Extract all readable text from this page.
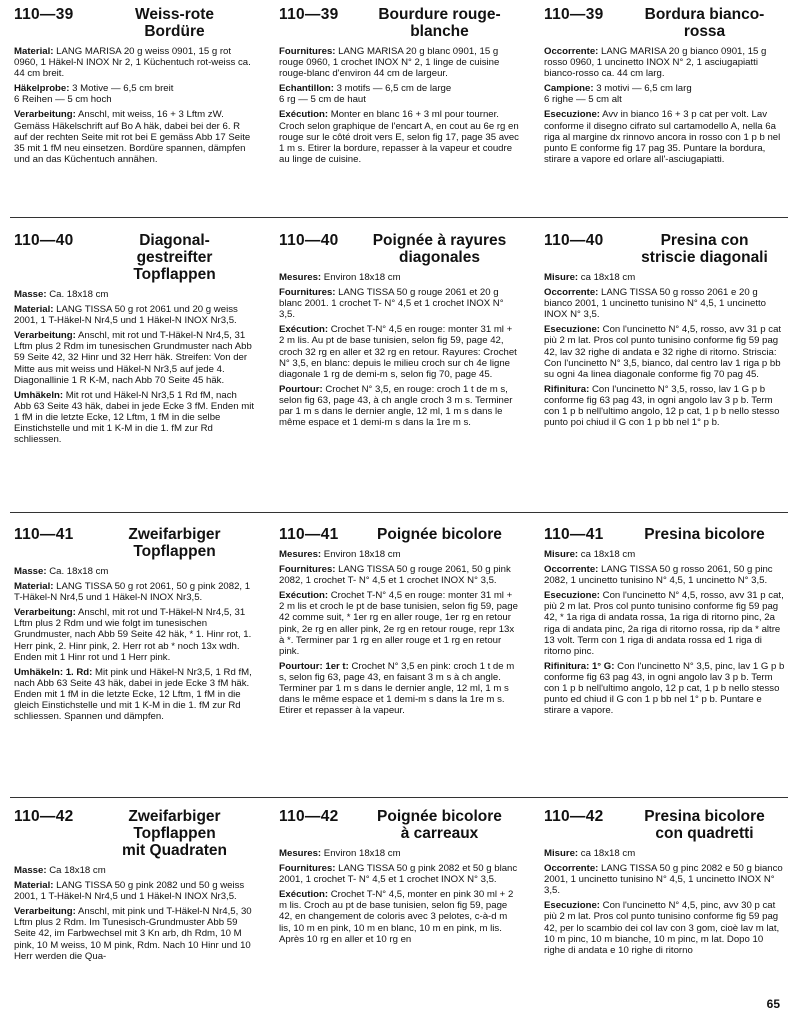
110—39	Weiss-rote
Bordüre
Material: LANG MARISA 20 g weiss 0901, 15 g rot 0960, 1 Häkel-N INOX Nr 2, 1 Küchentuch rot-weiss ca. 44 cm breit.
Häkelprobe: 3 Motive — 6,5 cm breit
6 Reihen — 5 cm hoch
Verarbeitung: Anschl, mit weiss, 16 + 3 Lftm zW. Gemäss Häkelschrift auf Bo A häk, dabei bei der 6. R auf der rechten Seite mit rot bei E gemäss Abb 17 Seite 35 mit 1 fM neu einsetzen. Bordüre spannen, dämpfen und an das Küchentuch annähen.
110—39	Bourdure rouge-
blanche
Fournitures: LANG MARISA 20 g blanc 0901, 15 g rouge 0960, 1 crochet INOX N° 2, 1 linge de cuisine rouge-blanc d'environ 44 cm de largeur.
Echantillon: 3 motifs — 6,5 cm de large
6 rg — 5 cm de haut
Exécution: Monter en blanc 16 + 3 ml pour tourner. Croch selon graphique de l'encart A, en cout au 6e rg en rouge sur le côté droit vers E, selon fig 17, page 35 avec 1 m s. Etirer la bordure, repasser à la vapeur et coudre au linge de cuisine.
110—39	Bordura bianco-
rossa
Occorrente: LANG MARISA 20 g bianco 0901, 15 g rosso 0960, 1 uncinetto INOX N° 2, 1 asciugapiatti bianco-rosso ca. 44 cm larg.
Campione: 3 motivi — 6,5 cm larg
6 righe — 5 cm alt
Esecuzione: Avv in bianco 16 + 3 p cat per volt. Lav conforme il disegno cifrato sul cartamodello A, nella 6a riga al margine dx rinnovo ancora in rosso con 1 p b nel punto E conforme fig 17 pag 35. Puntare la bordura, stirare a vapore ed orlare all'-asciugapiatti.
110—40	Diagonal-
gestreifter
Topflappen
Masse: Ca. 18x18 cm
Material: LANG TISSA 50 g rot 2061 und 20 g weiss 2001, 1 T-Häkel-N Nr4,5 und 1 Häkel-N INOX Nr3,5.
Verarbeitung: Anschl, mit rot und T-Häkel-N Nr4,5, 31 Lftm plus 2 Rdm im tunesischen Grundmuster nach Abb 59 Seite 42, 32 Hinr und 32 Herr häk. Streifen: Von der Mitte aus mit weiss und Häkel-N Nr3,5 auf jede 4. Diagonallinie 1 R K-M, nach Abb 70 Seite 45 häk.
Umhäkeln: Mit rot und Häkel-N Nr3,5 1 Rd fM, nach Abb 63 Seite 43 häk, dabei in jede Ecke 3 fM. Enden mit 1 fM in die letzte Ecke, 12 Lftm, 1 fM in die selbe Einstichstelle und mit 1 K-M in die 1. fM zur Rd schliessen.
110—40	Poignée à rayures
diagonales
Mesures: Environ 18x18 cm
Fournitures: LANG TISSA 50 g rouge 2061 et 20 g blanc 2001. 1 crochet T- N° 4,5 et 1 crochet INOX N° 3,5.
Exécution: Crochet T-N° 4,5 en rouge: monter 31 ml + 2 m lis. Au pt de base tunisien, selon fig 59, page 42, croch 32 rg en aller et 32 rg en retour. Rayures: Crochet N° 3,5, en blanc: depuis le milieu croch sur ch 4e ligne diagonale 1 rg de demi-m s, selon fig 70, page 45.
Pourtour: Crochet N° 3,5, en rouge: croch 1 t de m s, selon fig 63, page 43, à ch angle croch 3 m s. Terminer par 1 m s dans le dernier angle, 12 ml, 1 m s dans le même espace et 1 demi-m s dans la 1re m s.
110—40	Presina con
striscie diagonali
Misure: ca 18x18 cm
Occorrente: LANG TISSA 50 g rosso 2061 e 20 g bianco 2001, 1 uncinetto tunisino N° 4,5, 1 uncinetto INOX N° 3,5.
Esecuzione: Con l'uncinetto N° 4,5, rosso, avv 31 p cat più 2 m lat. Pros col punto tunisino conforme fig 59 pag 42, lav 32 righe di andata e 32 righe di ritorno. Striscia: Con l'uncinetto N° 3,5, bianco, dal centro lav 1 riga p bb su ogni 4a linea diagonale conforme fig 70 pag 45.
Rifinitura: Con l'uncinetto N° 3,5, rosso, lav 1 G p b conforme fig 63 pag 43, in ogni angolo lav 3 p b. Term con 1 p b nell'ultimo angolo, 12 p cat, 1 p b nello stesso punto poi chiud il G con 1 p bb nel 1° p b.
110—41	Zweifarbiger
Topflappen
Masse: Ca. 18x18 cm
Material: LANG TISSA 50 g rot 2061, 50 g pink 2082, 1 T-Häkel-N Nr4,5 und 1 Häkel-N INOX Nr3,5.
Verarbeitung: Anschl, mit rot und T-Häkel-N Nr4,5, 31 Lftm plus 2 Rdm und wie folgt im tunesischen Grundmuster, nach Abb 59 Seite 42 häk, * 1. Hinr rot, 1. Herr pink, 2. Hinr pink, 2. Herr rot ab * noch 13x wdh. Enden mit 1 Hinr rot und 1 Herr pink.
Umhäkeln: 1. Rd: Mit pink und Häkel-N Nr3,5, 1 Rd fM, nach Abb 63 Seite 43 häk, dabei in jede Ecke 3 fM häk. Enden mit 1 fM in die letzte Ecke, 12 Lftm, 1 fM in die gleich Einstichstelle und mit 1 K-M in die 1. fM zur Rd schliessen. Spannen und dämpfen.
110—41	Poignée bicolore
Mesures: Environ 18x18 cm
Fournitures: LANG TISSA 50 g rouge 2061, 50 g pink 2082, 1 crochet T- N° 4,5 et 1 crochet INOX N° 3,5.
Exécution: Crochet T-N° 4,5 en rouge: monter 31 ml + 2 m lis et croch le pt de base tunisien, selon fig 59, page 42 comme suit, * 1er rg en aller rouge, 1er rg en retour pink, 2e rg en aller pink, 2e rg en retour rouge, repr 13x à *. Terminer par 1 rg en aller rouge et 1 rg en retour pink.
Pourtour: 1er t: Crochet N° 3,5 en pink: croch 1 t de m s, selon fig 63, page 43, en faisant 3 m s à ch angle. Terminer par 1 m s dans le dernier angle, 12 ml, 1 m s dans le même espace et 1 demi-m s dans la 1re m s. Etirer et repasser à la vapeur.
110—41	Presina bicolore
Misure: ca 18x18 cm
Occorrente: LANG TISSA 50 g rosso 2061, 50 g pinc 2082, 1 uncinetto tunisino N° 4,5, 1 uncinetto N° 3,5.
Esecuzione: Con l'uncinetto N° 4,5, rosso, avv 31 p cat, più 2 m lat. Pros col punto tunisino conforme fig 59 pag 42, * 1a riga di andata rossa, 1a riga di ritorno pinc, 2a riga di andata pinc, 2a riga di ritorno rossa, rip da * altre 13 volt. Term con 1 riga di andata rossa ed 1 riga di ritorno pinc.
Rifinitura: 1° G: Con l'uncinetto N° 3,5, pinc, lav 1 G p b conforme fig 63 pag 43, in ogni angolo lav 3 p b. Term con 1 p b nell'ultimo angolo, 12 p cat, 1 p b nello stesso punto ed chiud il G con 1 p bb nel 1° p b. Puntare e stirare a vapore.
110—42	Zweifarbiger
Topflappen
mit Quadraten
Masse: Ca 18x18 cm
Material: LANG TISSA 50 g pink 2082 und 50 g weiss 2001, 1 T-Häkel-N Nr4,5 und 1 Häkel-N INOX Nr3,5.
Verarbeitung: Anschl, mit pink und T-Häkel-N Nr4,5, 30 Lftm plus 2 Rdm. Im Tunesisch-Grundmuster Abb 59 Seite 42, im Farbwechsel mit 3 Kn arb, dh Rdm, 10 M pink, 10 M weiss, 10 M pink, Rdm. Nach 10 Hinr und 10 Herr werden die Qua-
110—42	Poignée bicolore
à carreaux
Mesures: Environ 18x18 cm
Fournitures: LANG TISSA 50 g pink 2082 et 50 g blanc 2001, 1 crochet T- N° 4,5 et 1 crochet INOX N° 3,5.
Exécution: Crochet T-N° 4,5, monter en pink 30 ml + 2 m lis. Croch au pt de base tunisien, selon fig 59, page 42, en changement de coloris avec 3 pelotes, c-à-d m lis, 10 m en pink, 10 m en blanc, 10 m en pink, m lis. Après 10 rg en aller et 10 rg en
110—42	Presina bicolore
con quadretti
Misure: ca 18x18 cm
Occorrente: LANG TISSA 50 g pinc 2082 e 50 g bianco 2001, 1 uncinetto tunisino N° 4,5, 1 uncinetto INOX N° 3,5.
Esecuzione: Con l'uncinetto N° 4,5, pinc, avv 30 p cat più 2 m lat. Pros col punto tunisino conforme fig 59 pag 42, per lo scambio dei col lav con 3 gom, cioè lav m lat, 10 m pinc, 10 m bianche, 10 m pinc, m lat. Dopo 10 righe di andata e 10 righe di ritorno
65
